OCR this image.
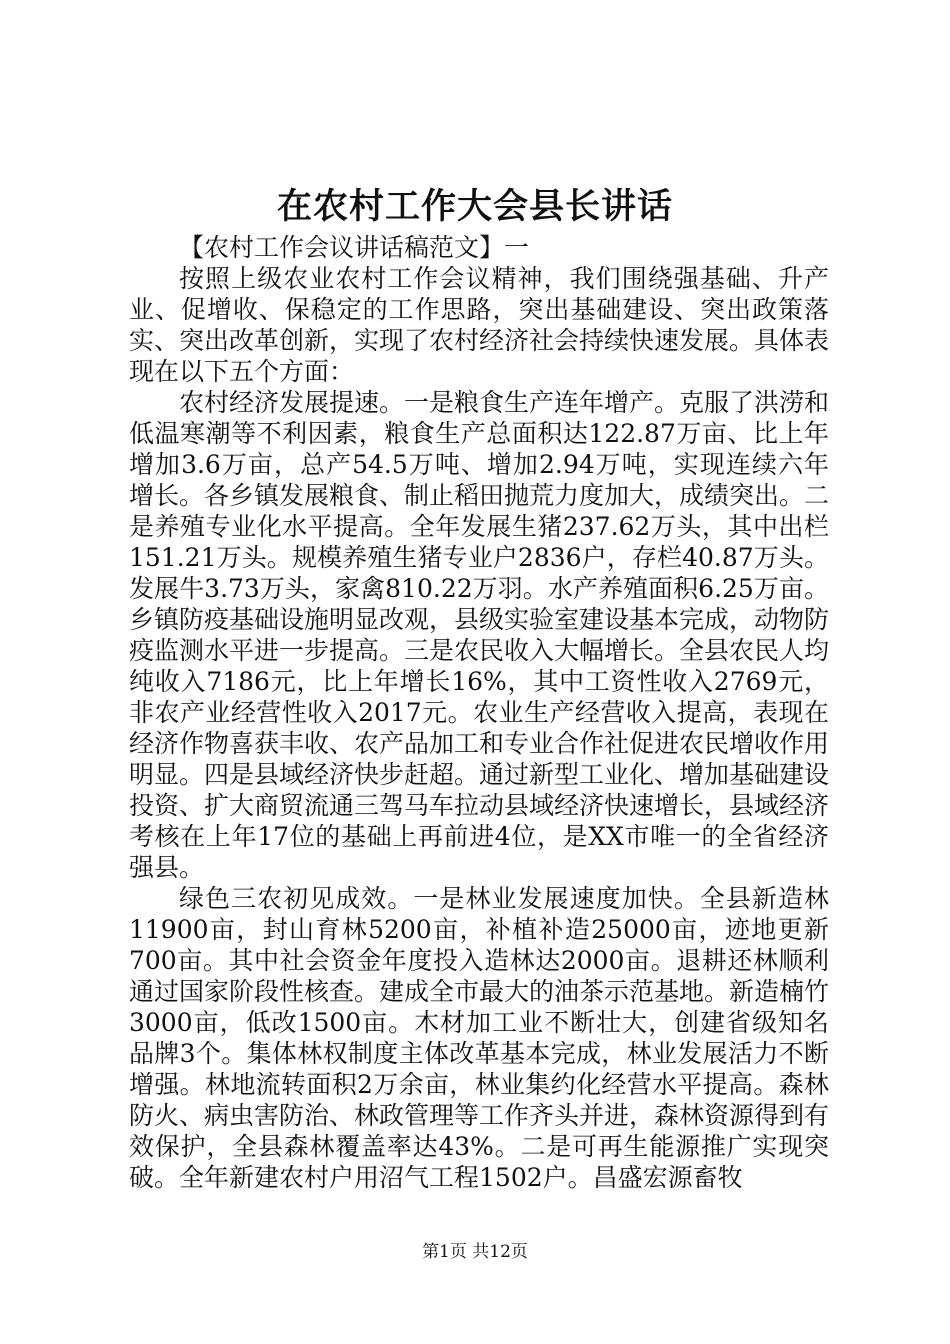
在农村工作大会县长讲话

【农村工作会议讲话稿范文】一

按照上级农业农村工作会议精神，我们围绕强基础、升产业、促增收、保稳定的工作思路，突出基础建设、突出政策落实、突出改革创新，实现了农村经济社会持续快速发展。具体表现在以下五个方面：

农村经济发展提速。一是粮食生产连年增产。克服了洪涝和低温寒潮等不利因素，粮食生产总面积达122.87万亩、比上年增加3.6万亩，总产54.5万吨、增加2.94万吨，实现连续六年增长。各乡镇发展粮食、制止稻田抛荒力度加大，成绩突出。二是养殖专业化水平提高。全年发展生猪237.62万头，其中出栏151.21万头。规模养殖生猪专业户2836户，存栏40.87万头。发展牛3.73万头，家禽810.22万羽。水产养殖面积6.25万亩。乡镇防疫基础设施明显改观，县级实验室建设基本完成，动物防疫监测水平进一步提高。三是农民收入大幅增长。全县农民人均纯收入7186元，比上年增长16%，其中工资性收入2769元，非农产业经营性收入2017元。农业生产经营收入提高，表现在经济作物喜获丰收、农产品加工和专业合作社促进农民增收作用明显。四是县域经济快步赶超。通过新型工业化、增加基础建设投资、扩大商贸流通三驾马车拉动县域经济快速增长，县域经济考核在上年17位的基础上再前进4位，是XX市唯一的全省经济强县。

绿色三农初见成效。一是林业发展速度加快。全县新造林11900亩，封山育林5200亩，补植补造25000亩，迹地更新700亩。其中社会资金年度投入造林达2000亩。退耕还林顺利通过国家阶段性核查。建成全市最大的油茶示范基地。新造楠竹3000亩，低改1500亩。木材加工业不断壮大，创建省级知名品牌3个。集体林权制度主体改革基本完成，林业发展活力不断增强。林地流转面积2万余亩，林业集约化经营水平提高。森林防火、病虫害防治、林政管理等工作齐头并进，森林资源得到有效保护，全县森林覆盖率达43%。二是可再生能源推广实现突破。全年新建农村户用沼气工程1502户。昌盛宏源畜牧

第1页 共12页
